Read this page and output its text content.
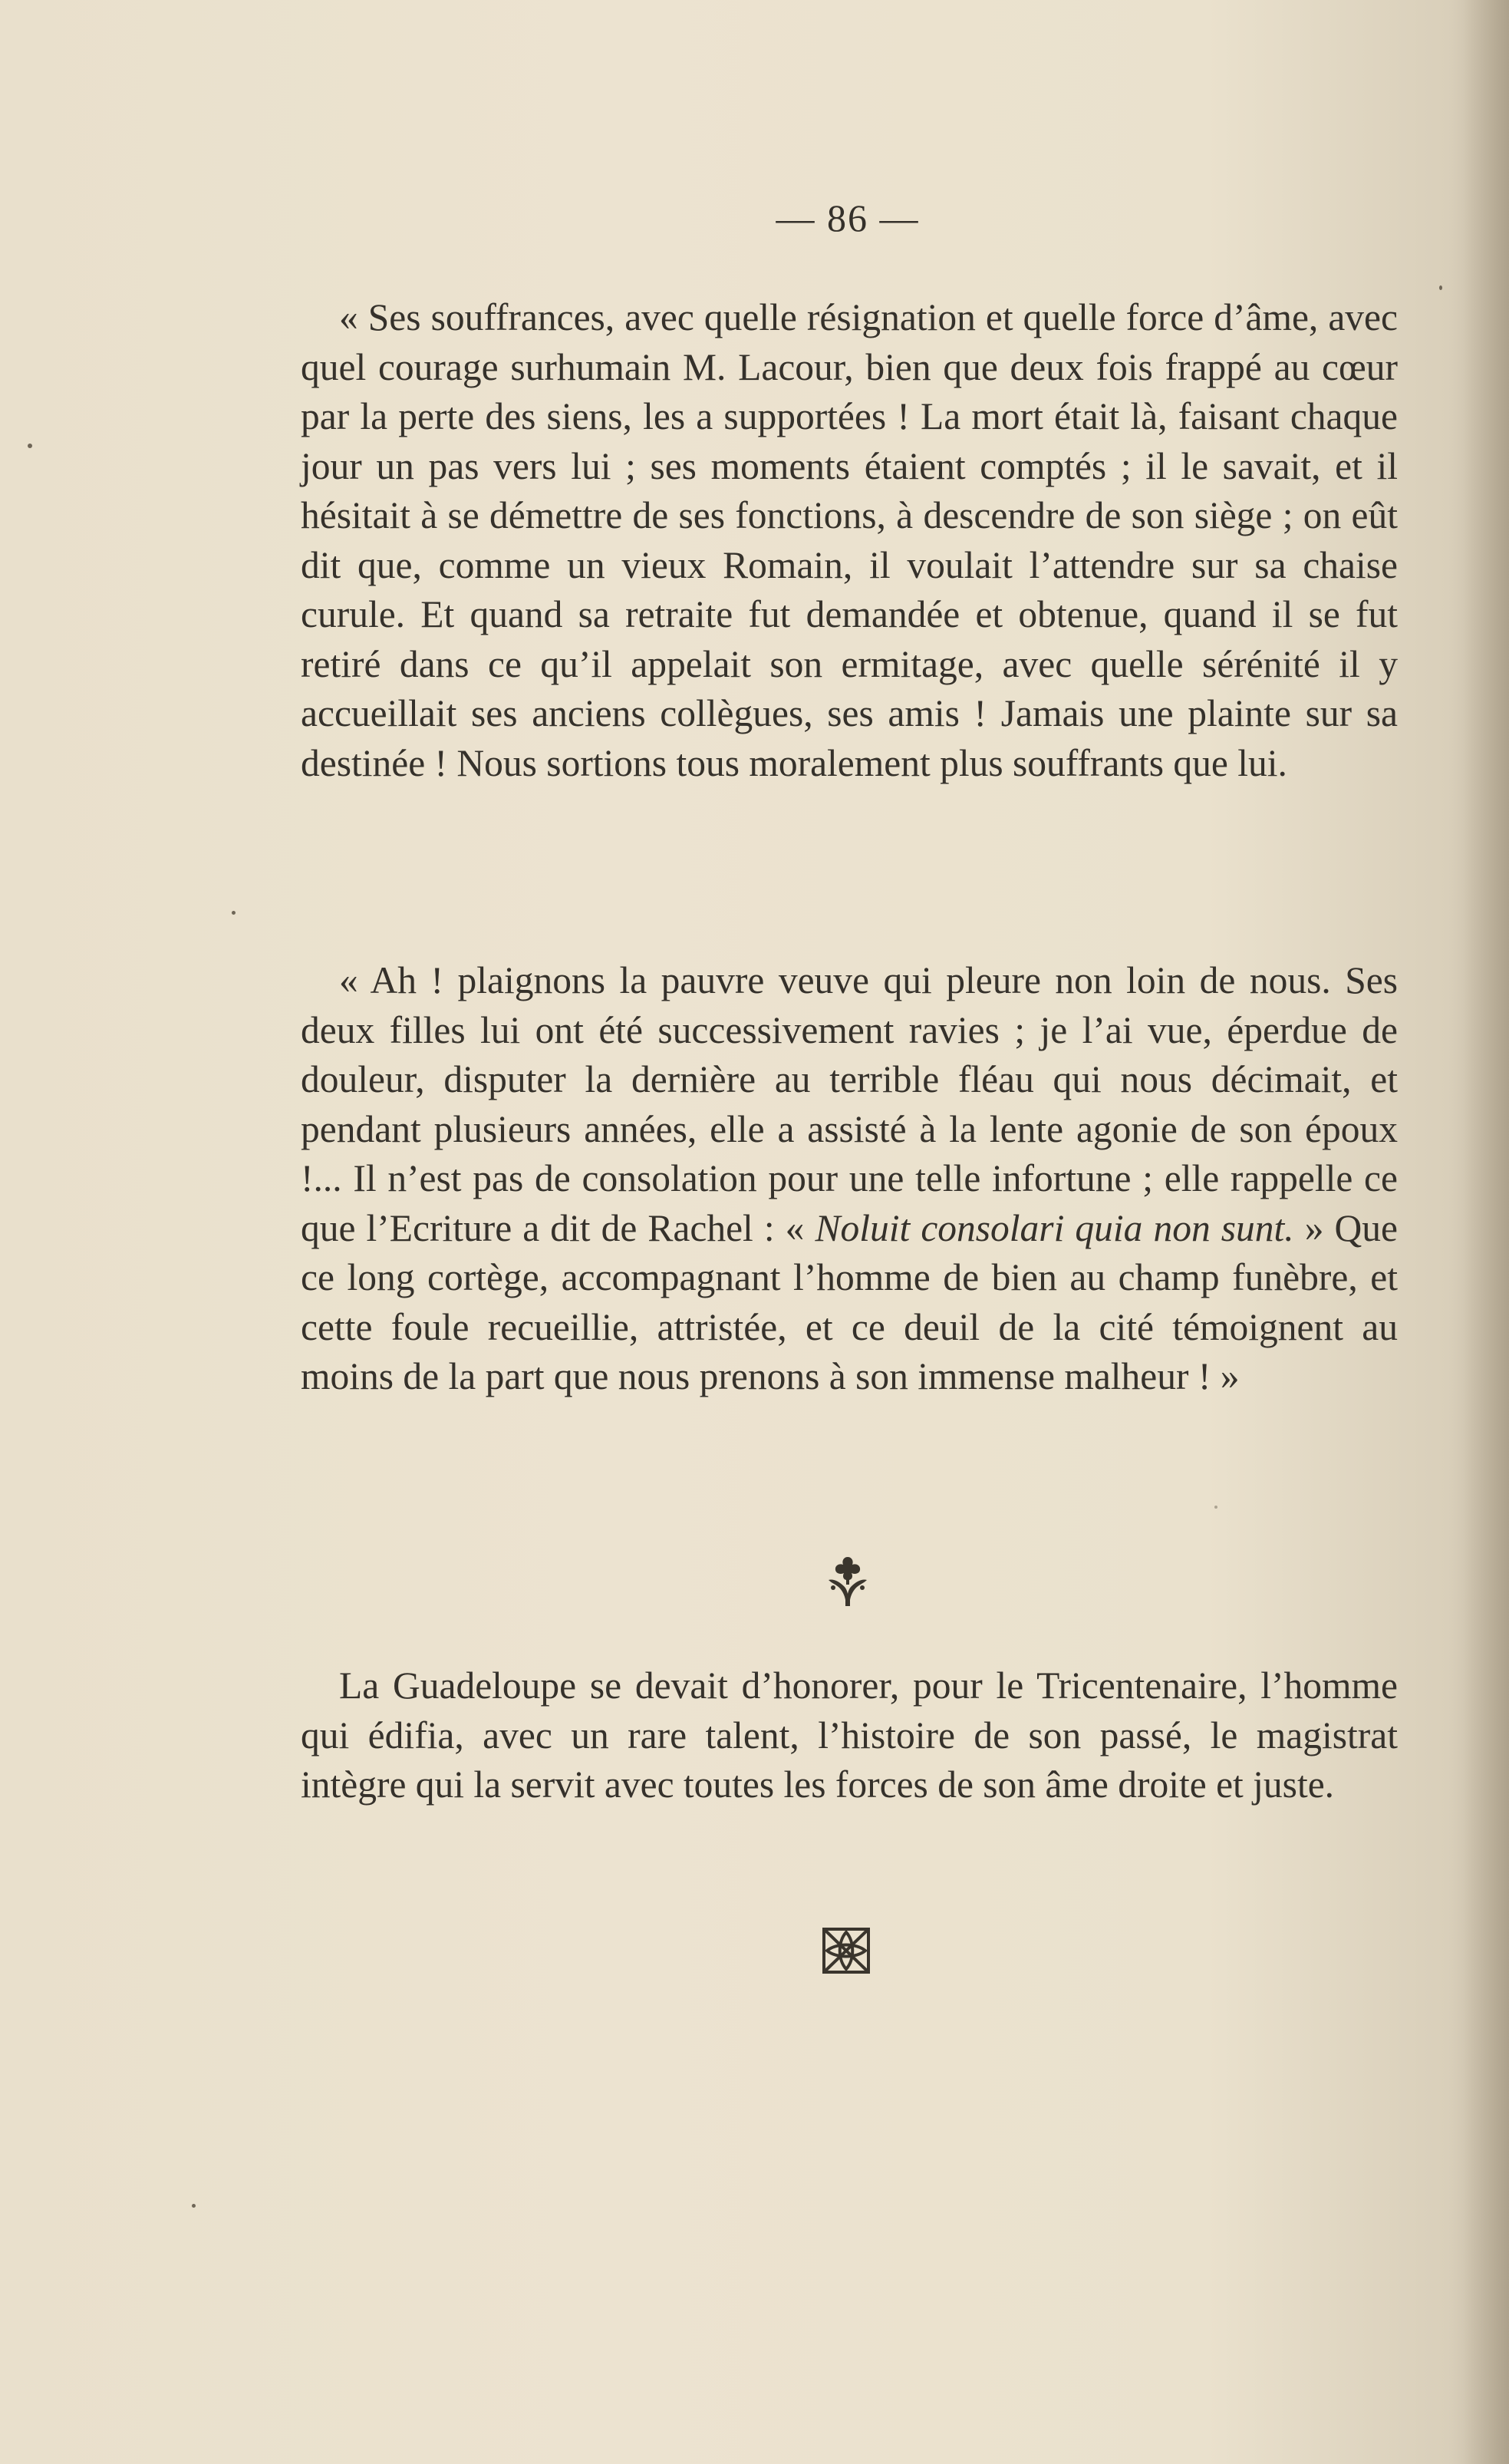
— 86 —

« Ses souffrances, avec quelle résignation et quelle force d’âme, avec quel courage surhumain M. Lacour, bien que deux fois frappé au cœur par la perte des siens, les a supportées ! La mort était là, faisant chaque jour un pas vers lui ; ses moments étaient comptés ; il le savait, et il hésitait à se démettre de ses fonctions, à descendre de son siège ; on eût dit que, comme un vieux Romain, il voulait l’attendre sur sa chaise curule. Et quand sa retraite fut demandée et obtenue, quand il se fut retiré dans ce qu’il appelait son ermitage, avec quelle sérénité il y accueillait ses anciens collègues, ses amis ! Jamais une plainte sur sa destinée ! Nous sortions tous moralement plus souffrants que lui.

« Ah ! plaignons la pauvre veuve qui pleure non loin de nous. Ses deux filles lui ont été successivement ravies ; je l’ai vue, éperdue de douleur, disputer la dernière au terrible fléau qui nous décimait, et pendant plusieurs années, elle a assisté à la lente agonie de son époux !... Il n’est pas de consolation pour une telle infortune ; elle rappelle ce que l’Ecriture a dit de Rachel : « Noluit consolari quia non sunt. » Que ce long cortège, accompagnant l’homme de bien au champ funèbre, et cette foule recueillie, attristée, et ce deuil de la cité témoignent au moins de la part que nous prenons à son immense malheur ! »

La Guadeloupe se devait d’honorer, pour le Tricentenaire, l’homme qui édifia, avec un rare talent, l’histoire de son passé, le magistrat intègre qui la servit avec toutes les forces de son âme droite et juste.
